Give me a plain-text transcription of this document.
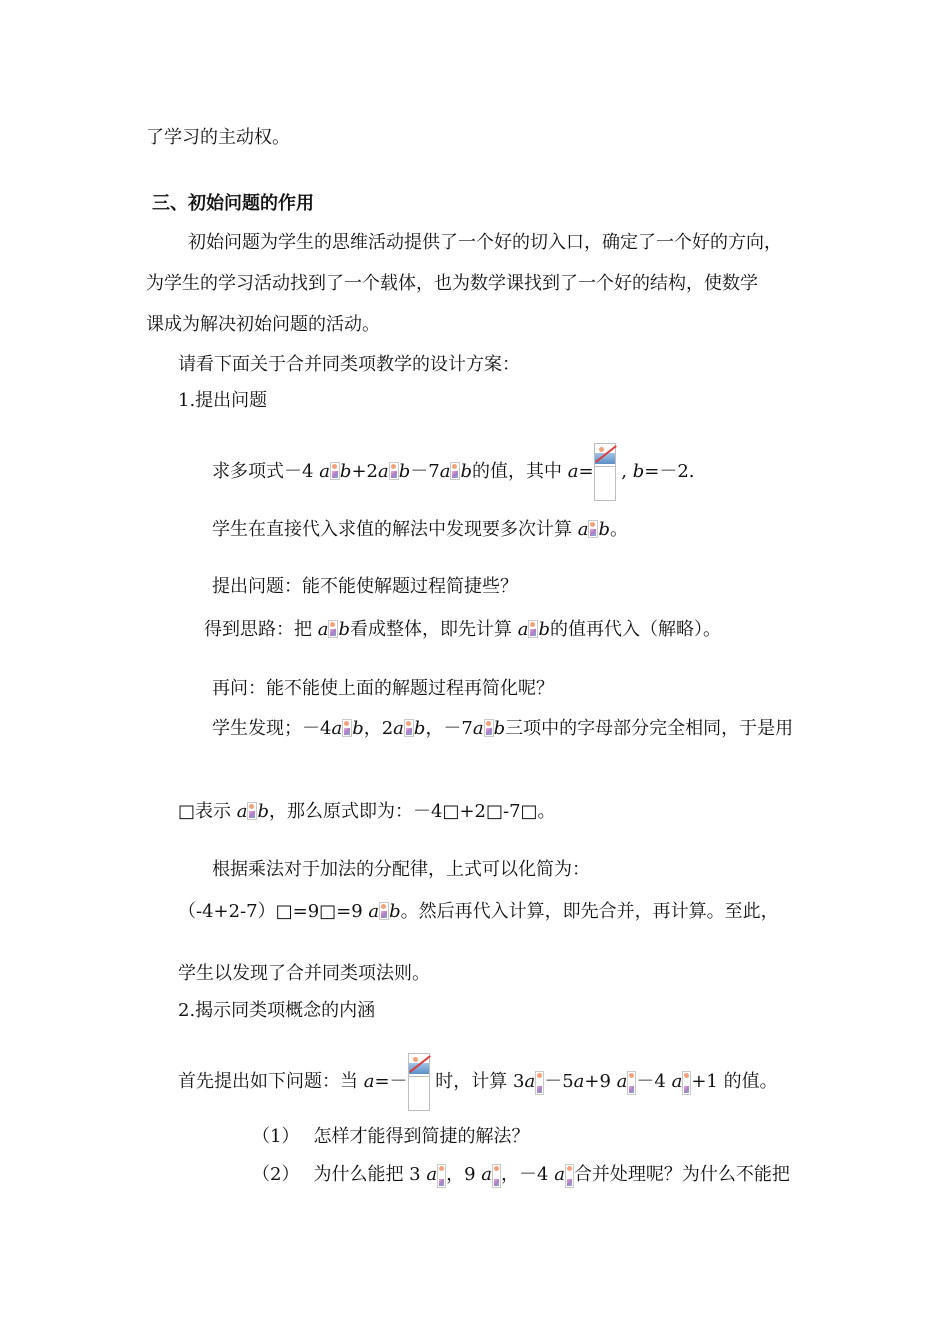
了学习的主动权。
三、初始问题的作用
初始问题为学生的思维活动提供了一个好的切入口，确定了一个好的方向，
为学生的学习活动找到了一个载体，也为数学课找到了一个好的结构，使数学
课成为解决初始问题的活动。
请看下面关于合并同类项教学的设计方案：
1.提出问题
求多项式－4 a b+2a b－7a b的值，其中 a=
, b=－2.
学生在直接代入求值的解法中发现要多次计算 a b。
提出问题：能不能使解题过程简捷些？
得到思路：把 a b看成整体，即先计算 a b的值再代入（解略）。
再问：能不能使上面的解题过程再简化呢？
学生发现；－4a b，2a b，－7a b三项中的字母部分完全相同，于是用
□表示 a b，那么原式即为：－4□+2□-7□。
根据乘法对于加法的分配律，上式可以化简为：
（-4+2-7）□=9□=9 a b。然后再代入计算，即先合并，再计算。至此，
学生以发现了合并同类项法则。
2.揭示同类项概念的内涵
首先提出如下问题：当 a=－
时，计算 3a －5a+9 a －4 a +1 的值。
（1） 怎样才能得到简捷的解法？
（2） 为什么能把 3 a ，9 a ，－4 a 合并处理呢？为什么不能把
